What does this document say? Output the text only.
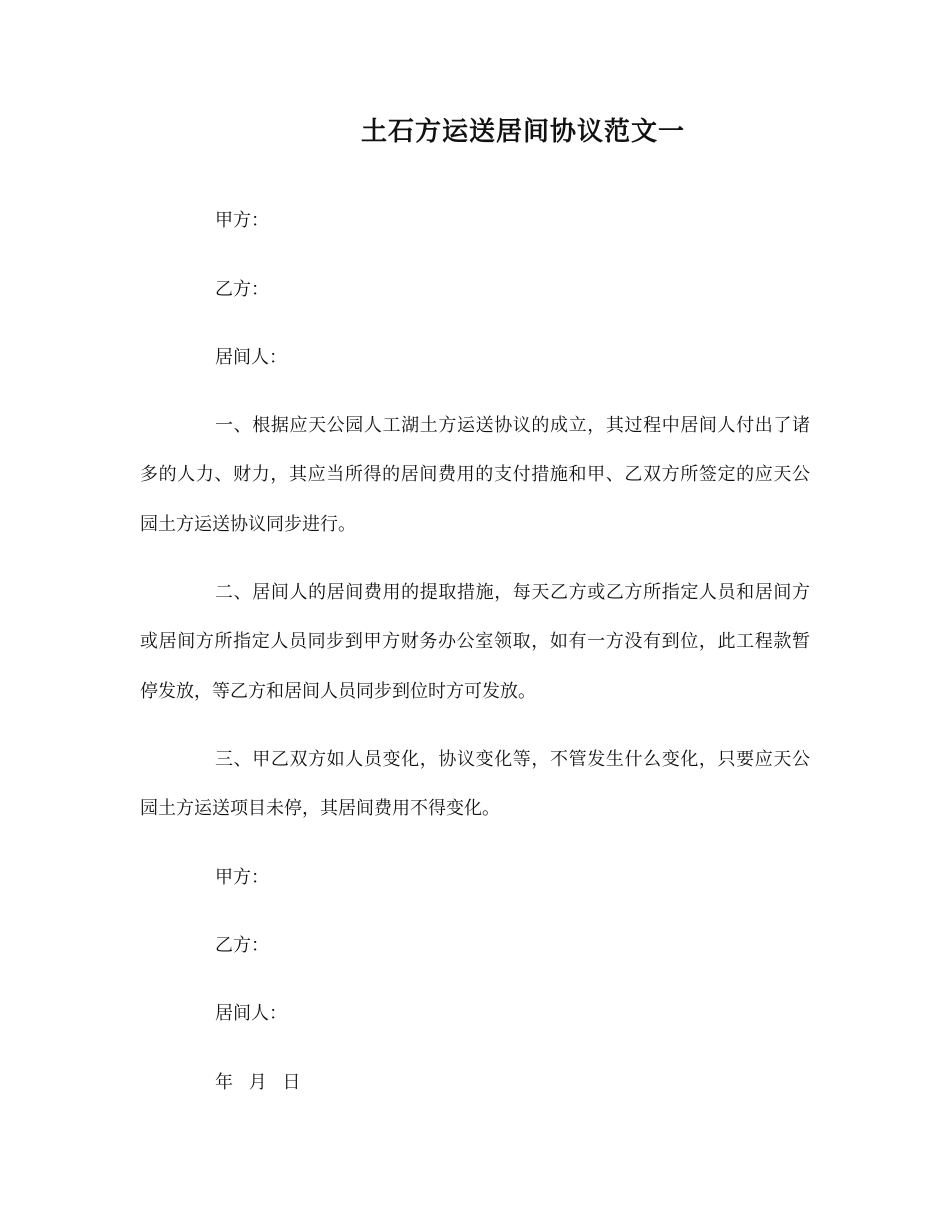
土石方运送居间协议范文一
甲方：
乙方：
居间人：
一、根据应天公园人工湖土方运送协议的成立，其过程中居间人付出了诸
多的人力、财力，其应当所得的居间费用的支付措施和甲、乙双方所签定的应天公
园土方运送协议同步进行。
二、居间人的居间费用的提取措施，每天乙方或乙方所指定人员和居间方
或居间方所指定人员同步到甲方财务办公室领取，如有一方没有到位，此工程款暂
停发放，等乙方和居间人员同步到位时方可发放。
三、甲乙双方如人员变化，协议变化等，不管发生什么变化，只要应天公
园土方运送项目未停，其居间费用不得变化。
甲方：
乙方：
居间人：
年 月 日
